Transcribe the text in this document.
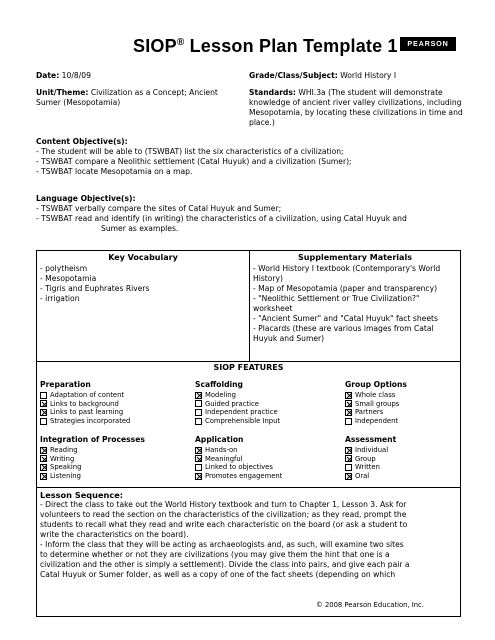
SIOP® Lesson Plan Template 1	PEARSON
Date: 10/8/09	Grade/Class/Subject: World History I
Unit/Theme: Civilization as a Concept; Ancient Sumer (Mesopotamia)
Standards: WHI.3a (The student will demonstrate knowledge of ancient river valley civilizations, including Mesopotamia, by locating these civilizations in time and place.)
Content Objective(s):
- The student will be able to (TSWBAT) list the six characteristics of a civilization;
- TSWBAT compare a Neolithic settlement (Catal Huyuk) and a civilization (Sumer);
- TSWBAT locate Mesopotamia on a map.
Language Objective(s):
- TSWBAT verbally compare the sites of Catal Huyuk and Sumer;
- TSWBAT read and identify (in writing) the characteristics of a civilization, using Catal Huyuk and
Sumer as examples.
Key Vocabulary	Supplementary Materials
- polytheism
- Mesopotamia
- Tigris and Euphrates Rivers
- irrigation
- World History I textbook (Contemporary's World History)
- Map of Mesopotamia (paper and transparency)
- "Neolithic Settlement or True Civilization?" worksheet
- "Ancient Sumer" and "Catal Huyuk" fact sheets
- Placards (these are various images from Catal Huyuk and Sumer)
SIOP FEATURES
Preparation
Adaptation of content
Links to background
Links to past learning
Strategies incorporated
Scaffolding
Modeling
Guided practice
Independent practice
Comprehensible Input
Group Options
Whole class
Small groups
Partners
Independent
Integration of Processes
Reading
Writing
Speaking
Listening
Application
Hands-on
Meaningful
Linked to objectives
Promotes engagement
Assessment
Individual
Group
Written
Oral
Lesson Sequence:
- Direct the class to take out the World History textbook and turn to Chapter 1, Lesson 3. Ask for
volunteers to read the section on the characteristics of the civilization; as they read, prompt the
students to recall what they read and write each characteristic on the board (or ask a student to
write the characteristics on the board).
- Inform the class that they will be acting as archaeologists and, as such, will examine two sites
to determine whether or not they are civilizations (you may give them the hint that one is a
civilization and the other is simply a settlement). Divide the class into pairs, and give each pair a
Catal Huyuk or Sumer folder, as well as a copy of one of the fact sheets (depending on which
© 2008 Pearson Education, Inc.
